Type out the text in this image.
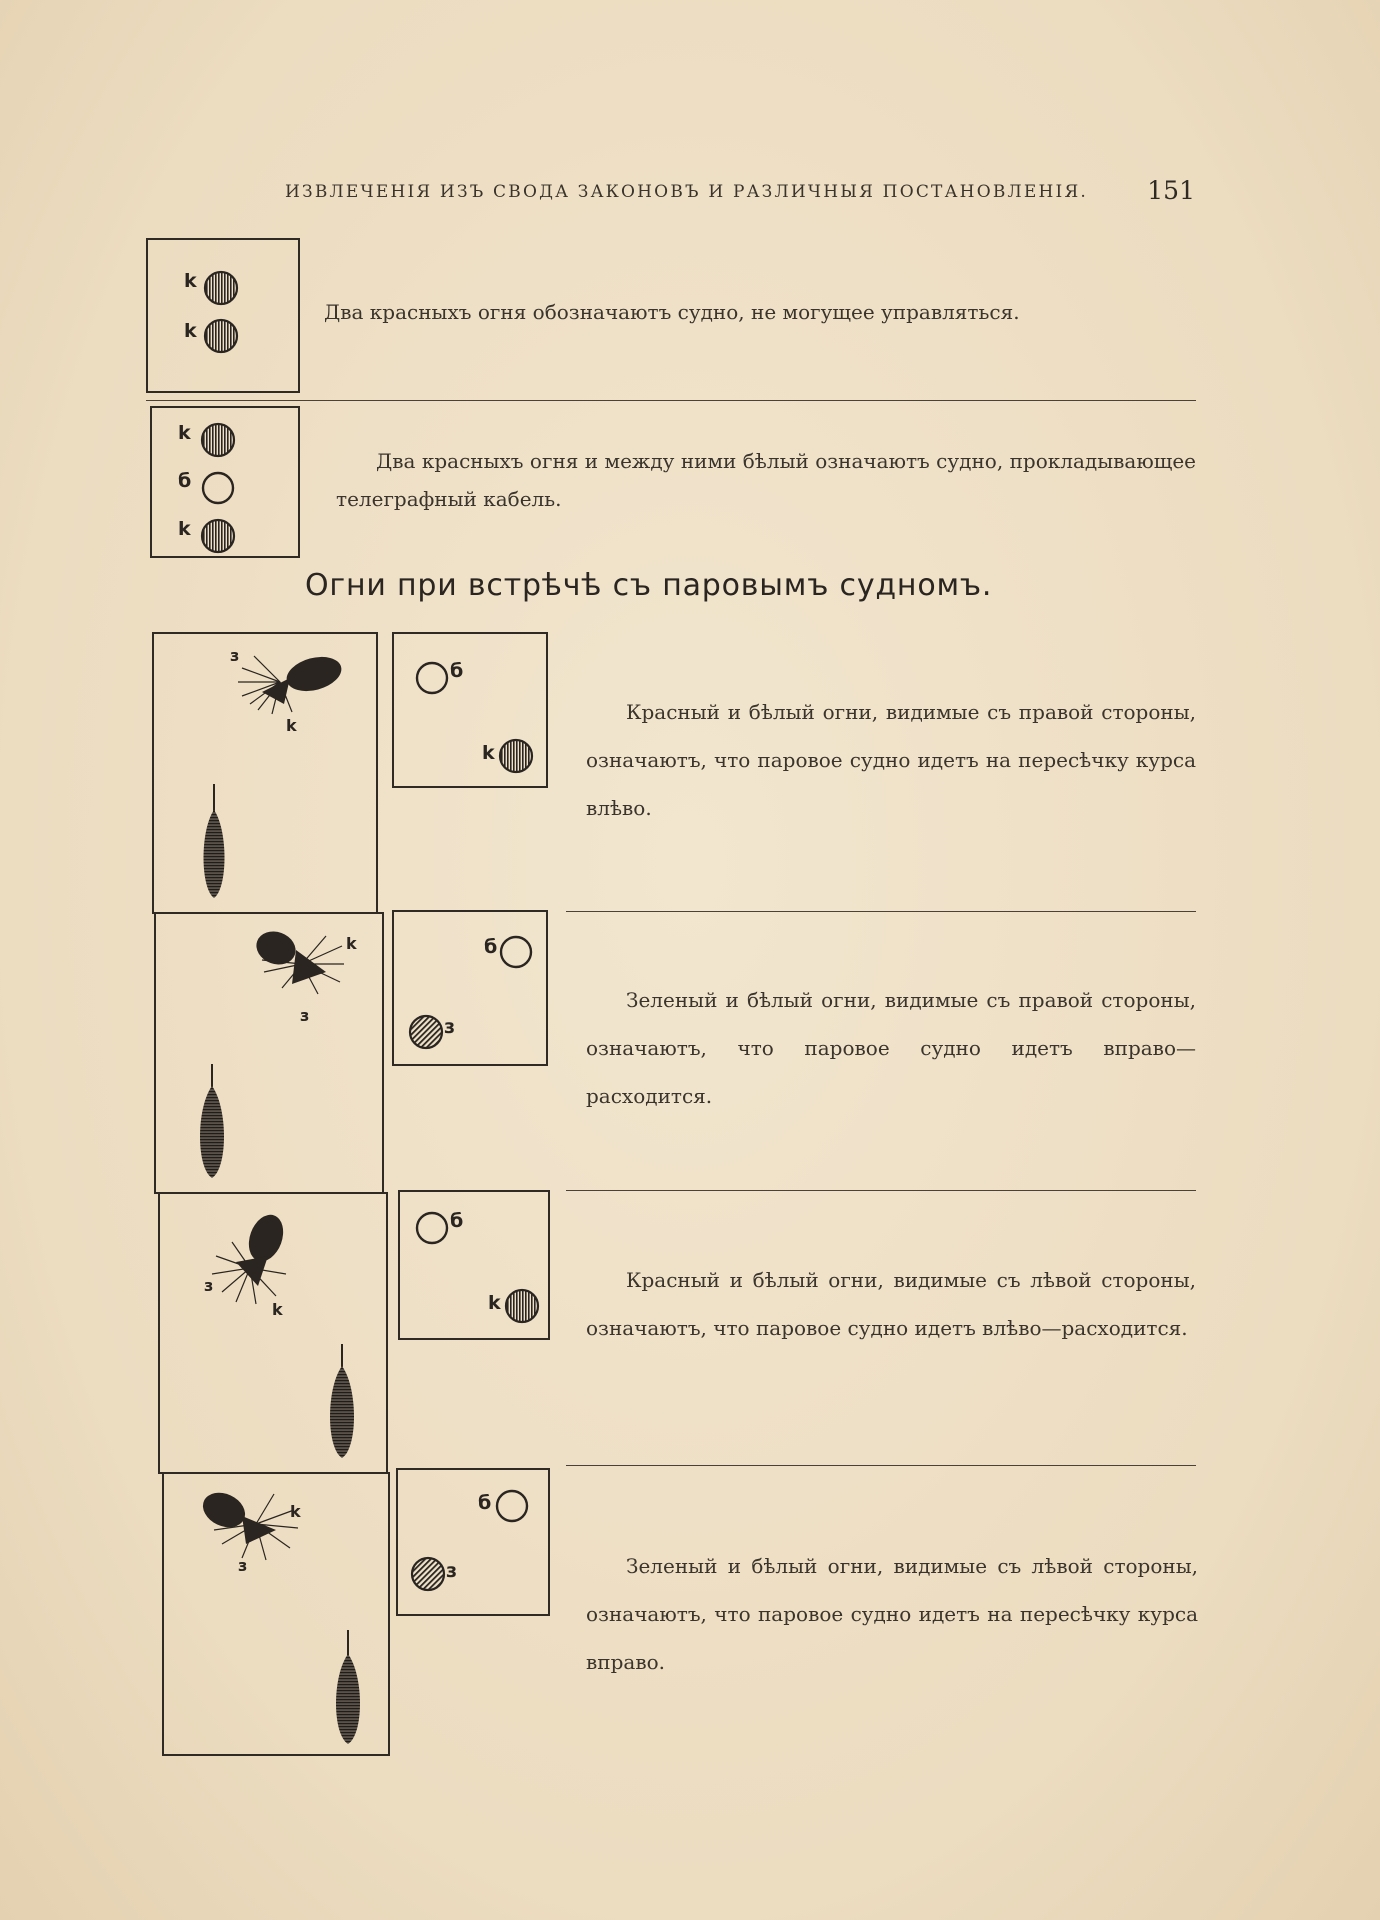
ИЗВЛЕЧЕНІЯ ИЗЪ СВОДА ЗАКОНОВЪ И РАЗЛИЧНЫЯ ПОСТАНОВЛЕНІЯ. 151
k
k

Два красныхъ огня обозначаютъ судно, не могущее управляться.

k
б
k

Два красныхъ огня и между ними бѣлый означаютъ судно, прокладывающее телеграфный кабель.

Огни при встрѣчѣ съ паровымъ судномъ.
з
k
б
k

Красный и бѣлый огни, видимые съ правой стороны, означаютъ, что паровое судно идетъ на пересѣчку курса влѣво.

k
з
б
з

Зеленый и бѣлый огни, видимые съ правой стороны, означаютъ, что паровое судно идетъ вправо—расходится.

з
k
б
k

Красный и бѣлый огни, видимые съ лѣвой стороны, означаютъ, что паровое судно идетъ влѣво—расходится.

k
з
б
з	Зеленый и бѣлый огни, видимые съ лѣвой стороны, означаютъ, что паровое судно идетъ на пересѣчку курса вправо.
